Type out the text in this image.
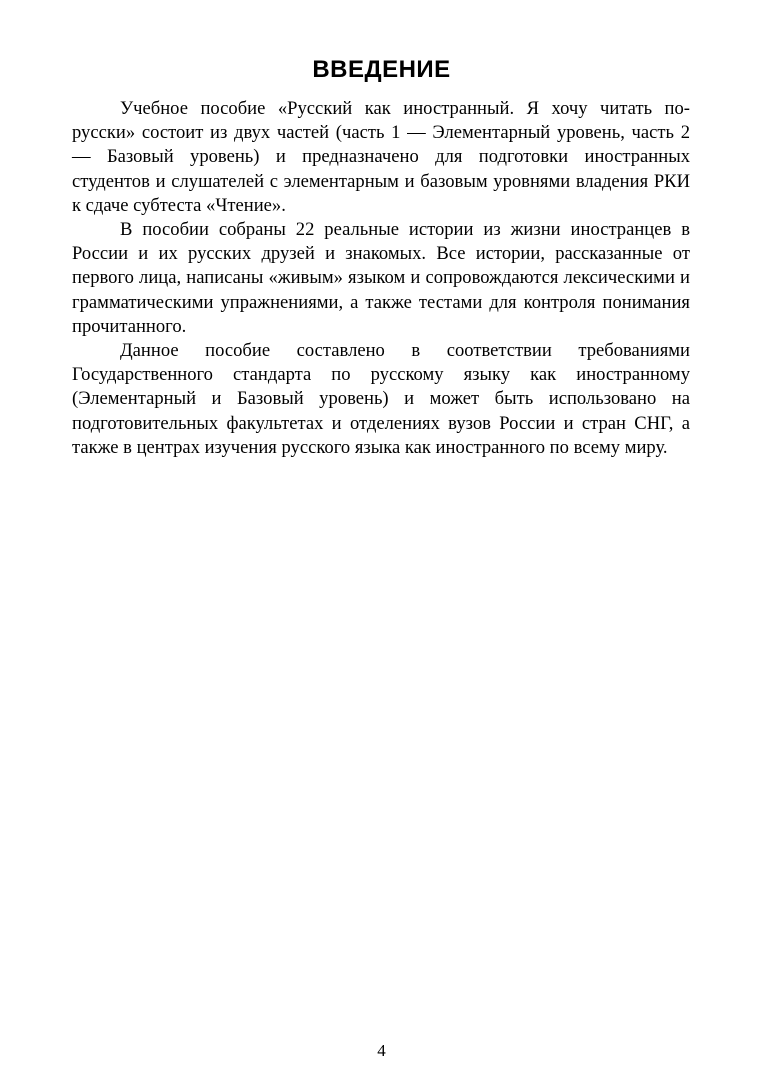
ВВЕДЕНИЕ

Учебное пособие «Русский как иностранный. Я хочу читать по-русски» состоит из двух частей (часть 1 — Элементарный уровень, часть 2 — Базовый уровень) и предназначено для подготовки иностранных студентов и слушателей с элементарным и базовым уровнями владения РКИ к сдаче субтеста «Чтение».

В пособии собраны 22 реальные истории из жизни иностранцев в России и их русских друзей и знакомых. Все истории, рассказанные от первого лица, написаны «живым» языком и сопровождаются лексическими и грамматическими упражнениями, а также тестами для контроля понимания прочитанного.

Данное пособие составлено в соответствии требованиями Государственного стандарта по русскому языку как иностранному (Элементарный и Базовый уровень) и может быть использовано на подготовительных факультетах и отделениях вузов России и стран СНГ, а также в центрах изучения русского языка как иностранного по всему миру.

4
